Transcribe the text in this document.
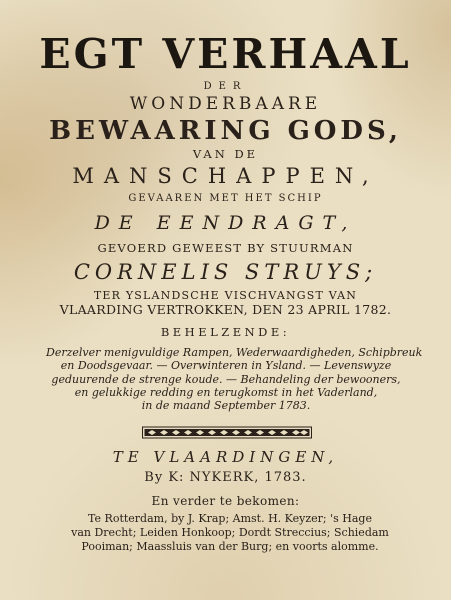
EGT VERHAAL
DER
WONDERBAARE
BEWAARING GODS,
VAN DE
MANSCHAPPEN,
GEVAAREN MET HET SCHIP
DE EENDRAGT,
GEVOERD GEWEEST BY STUURMAN
CORNELIS STRUYS;
TER YSLANDSCHE VISCHVANGST VAN
VLAARDING VERTROKKEN, DEN 23 APRIL 1782.
BEHELZENDE:
Derzelver menigvuldige Rampen, Wederwaardigheden, Schipbreuk
en Doodsgevaar. — Overwinteren in Ysland. — Levenswyze
geduurende de strenge koude. — Behandeling der bewooners,
en gelukkige redding en terugkomst in het Vaderland,
in de maand September 1783.
TE VLAARDINGEN,
By K: NYKERK, 1783.
En verder te bekomen:
Te Rotterdam, by J. Krap; Amst. H. Keyzer; 's Hage
van Drecht; Leiden Honkoop; Dordt Streccius; Schiedam
Pooiman; Maassluis van der Burg; en voorts alomme.
